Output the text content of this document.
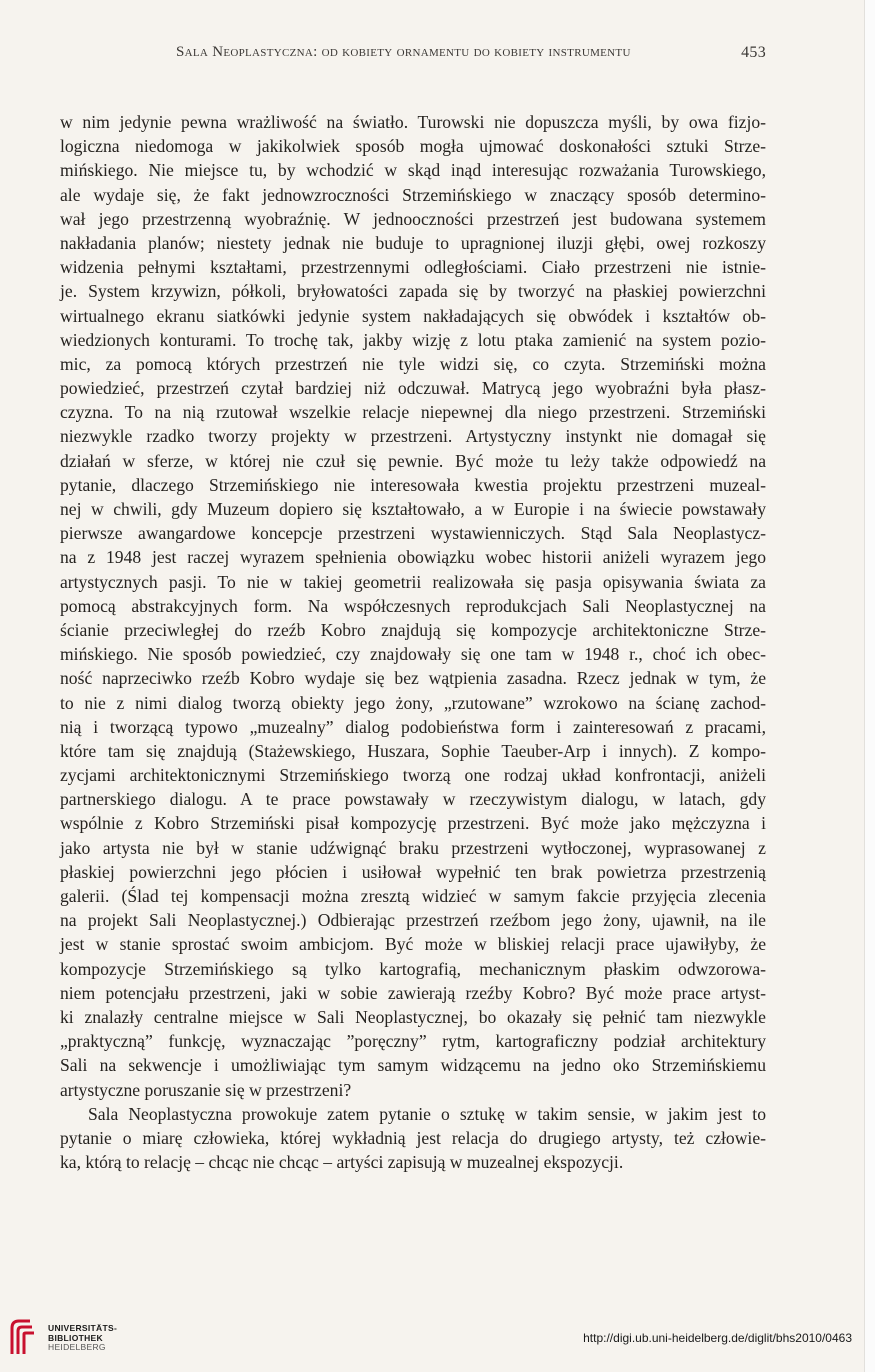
Sala Neoplastyczna: od kobiety ornamentu do kobiety instrumentu	453
w nim jedynie pewna wrażliwość na światło. Turowski nie dopuszcza myśli, by owa fizjo-
logiczna niedomoga w jakikolwiek sposób mogła ujmować doskonałości sztuki Strze-
mińskiego. Nie miejsce tu, by wchodzić w skąd inąd interesując rozważania Turowskiego,
ale wydaje się, że fakt jednowzroczności Strzemińskiego w znaczący sposób determino-
wał jego przestrzenną wyobraźnię. W jednooczności przestrzeń jest budowana systemem
nakładania planów; niestety jednak nie buduje to upragnionej iluzji głębi, owej rozkoszy
widzenia pełnymi kształtami, przestrzennymi odległościami. Ciało przestrzeni nie istnie-
je. System krzywizn, półkoli, bryłowatości zapada się by tworzyć na płaskiej powierzchni
wirtualnego ekranu siatkówki jedynie system nakładających się obwódek i kształtów ob-
wiedzionych konturami. To trochę tak, jakby wizję z lotu ptaka zamienić na system pozio-
mic, za pomocą których przestrzeń nie tyle widzi się, co czyta. Strzemiński można
powiedzieć, przestrzeń czytał bardziej niż odczuwał. Matrycą jego wyobraźni była płasz-
czyzna. To na nią rzutował wszelkie relacje niepewnej dla niego przestrzeni. Strzemiński
niezwykle rzadko tworzy projekty w przestrzeni. Artystyczny instynkt nie domagał się
działań w sferze, w której nie czuł się pewnie. Być może tu leży także odpowiedź na
pytanie, dlaczego Strzemińskiego nie interesowała kwestia projektu przestrzeni muzeal-
nej w chwili, gdy Muzeum dopiero się kształtowało, a w Europie i na świecie powstawały
pierwsze awangardowe koncepcje przestrzeni wystawienniczych. Stąd Sala Neoplastycz-
na z 1948 jest raczej wyrazem spełnienia obowiązku wobec historii aniżeli wyrazem jego
artystycznych pasji. To nie w takiej geometrii realizowała się pasja opisywania świata za
pomocą abstrakcyjnych form. Na współczesnych reprodukcjach Sali Neoplastycznej na
ścianie przeciwległej do rzeźb Kobro znajdują się kompozycje architektoniczne Strze-
mińskiego. Nie sposób powiedzieć, czy znajdowały się one tam w 1948 r., choć ich obec-
ność naprzeciwko rzeźb Kobro wydaje się bez wątpienia zasadna. Rzecz jednak w tym, że
to nie z nimi dialog tworzą obiekty jego żony, „rzutowane” wzrokowo na ścianę zachod-
nią i tworzącą typowo „muzealny” dialog podobieństwa form i zainteresowań z pracami,
które tam się znajdują (Stażewskiego, Huszara, Sophie Taeuber-Arp i innych). Z kompo-
zycjami architektonicznymi Strzemińskiego tworzą one rodzaj układ konfrontacji, aniżeli
partnerskiego dialogu. A te prace powstawały w rzeczywistym dialogu, w latach, gdy
wspólnie z Kobro Strzemiński pisał kompozycję przestrzeni. Być może jako mężczyzna i
jako artysta nie był w stanie udźwignąć braku przestrzeni wytłoczonej, wyprasowanej z
płaskiej powierzchni jego płócien i usiłował wypełnić ten brak powietrza przestrzenią
galerii. (Ślad tej kompensacji można zresztą widzieć w samym fakcie przyjęcia zlecenia
na projekt Sali Neoplastycznej.) Odbierając przestrzeń rzeźbom jego żony, ujawnił, na ile
jest w stanie sprostać swoim ambicjom. Być może w bliskiej relacji prace ujawiłyby, że
kompozycje Strzemińskiego są tylko kartografią, mechanicznym płaskim odwzorowa-
niem potencjału przestrzeni, jaki w sobie zawierają rzeźby Kobro? Być może prace artyst-
ki znalazły centralne miejsce w Sali Neoplastycznej, bo okazały się pełnić tam niezwykle
„praktyczną” funkcję, wyznaczając ”poręczny” rytm, kartograficzny podział architektury
Sali na sekwencje i umożliwiając tym samym widzącemu na jedno oko Strzemińskiemu
artystyczne poruszanie się w przestrzeni?
Sala Neoplastyczna prowokuje zatem pytanie o sztukę w takim sensie, w jakim jest to
pytanie o miarę człowieka, której wykładnią jest relacja do drugiego artysty, też człowie-
ka, którą to relację – chcąc nie chcąc – artyści zapisują w muzealnej ekspozycji.
UNIVERSITÄTS-
BIBLIOTHEK
HEIDELBERG
http://digi.ub.uni-heidelberg.de/diglit/bhs2010/0463
